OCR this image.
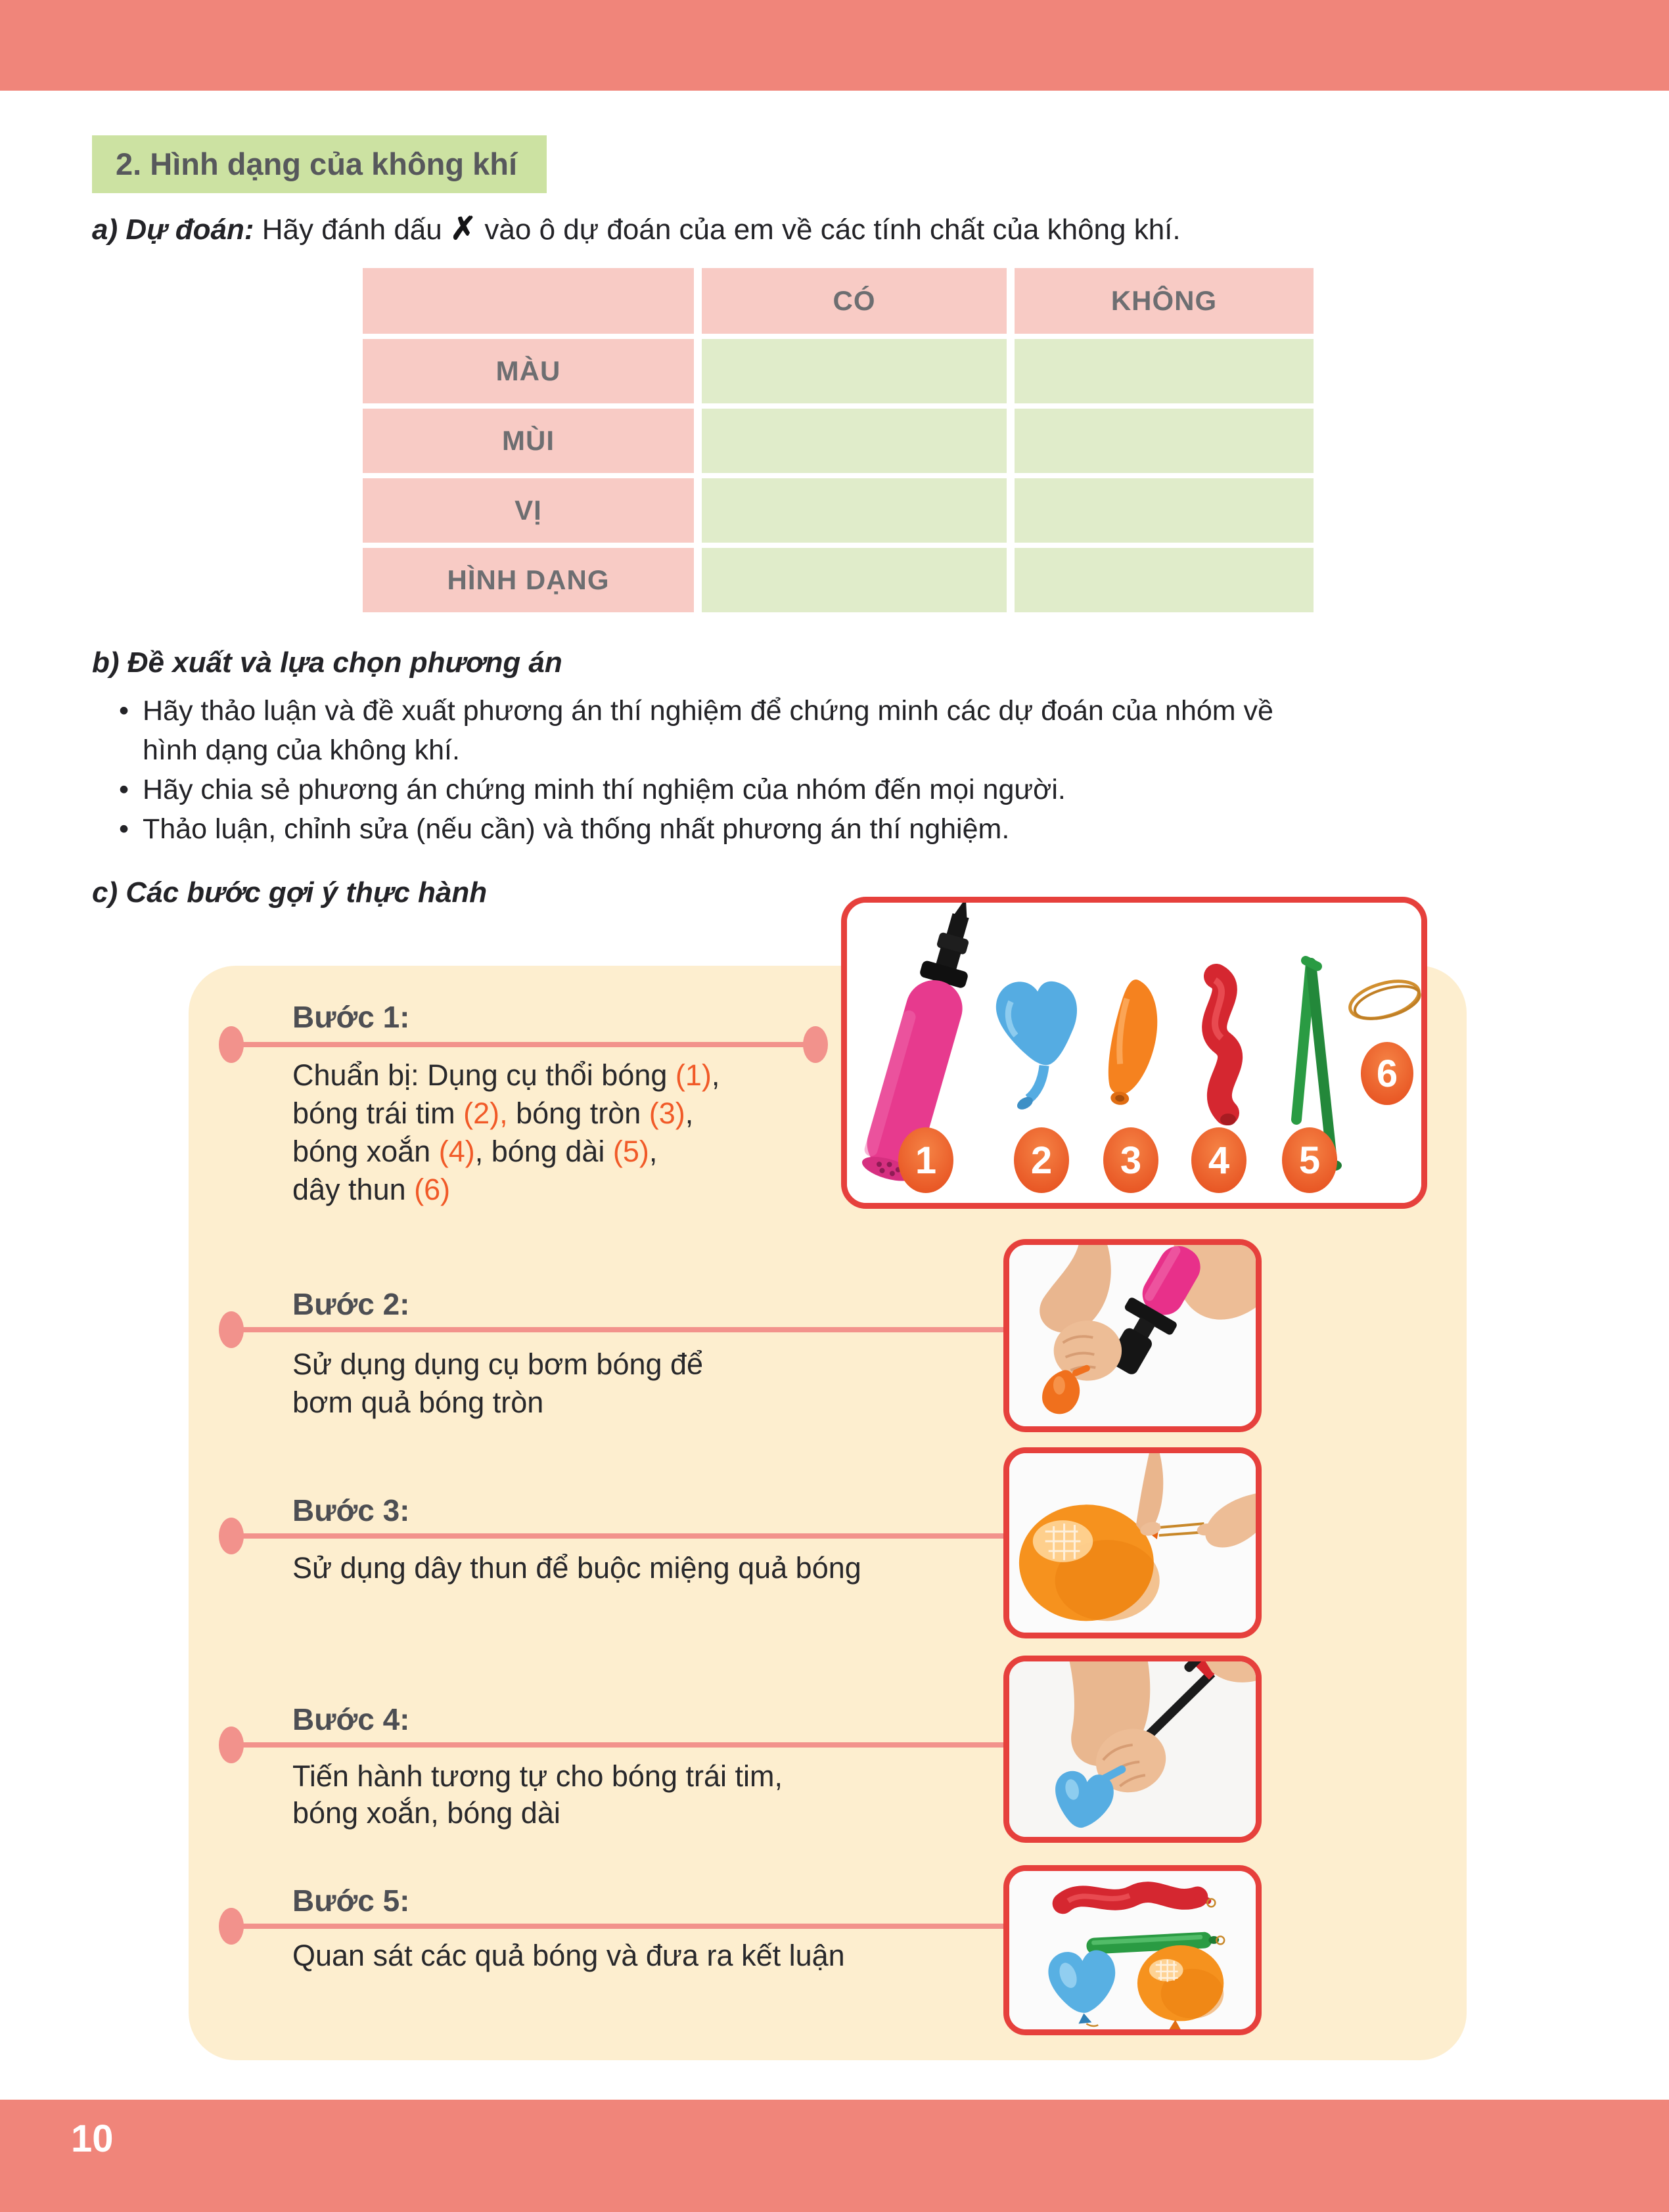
2. Hình dạng của không khí
a) Dự đoán: Hãy đánh dấu ✗ vào ô dự đoán của em về các tính chất của không khí.
CÓ	KHÔNG
MÀU
MÙI
VỊ
HÌNH DẠNG
b) Đề xuất và lựa chọn phương án
• Hãy thảo luận và đề xuất phương án thí nghiệm để chứng minh các dự đoán của nhóm về hình dạng của không khí.
• Hãy chia sẻ phương án chứng minh thí nghiệm của nhóm đến mọi người.
• Thảo luận, chỉnh sửa (nếu cần) và thống nhất phương án thí nghiệm.
c) Các bước gợi ý thực hành
Bước 1:
Chuẩn bị: Dụng cụ thổi bóng (1),
bóng trái tim (2), bóng tròn (3),
bóng xoắn (4), bóng dài (5),
dây thun (6)
1 2 3 4 5
6
Bước 2:
Sử dụng dụng cụ bơm bóng để
bơm quả bóng tròn
Bước 3:
Sử dụng dây thun để buộc miệng quả bóng
Bước 4:
Tiến hành tương tự cho bóng trái tim,
bóng xoắn, bóng dài
Bước 5:
Quan sát các quả bóng và đưa ra kết luận
10
